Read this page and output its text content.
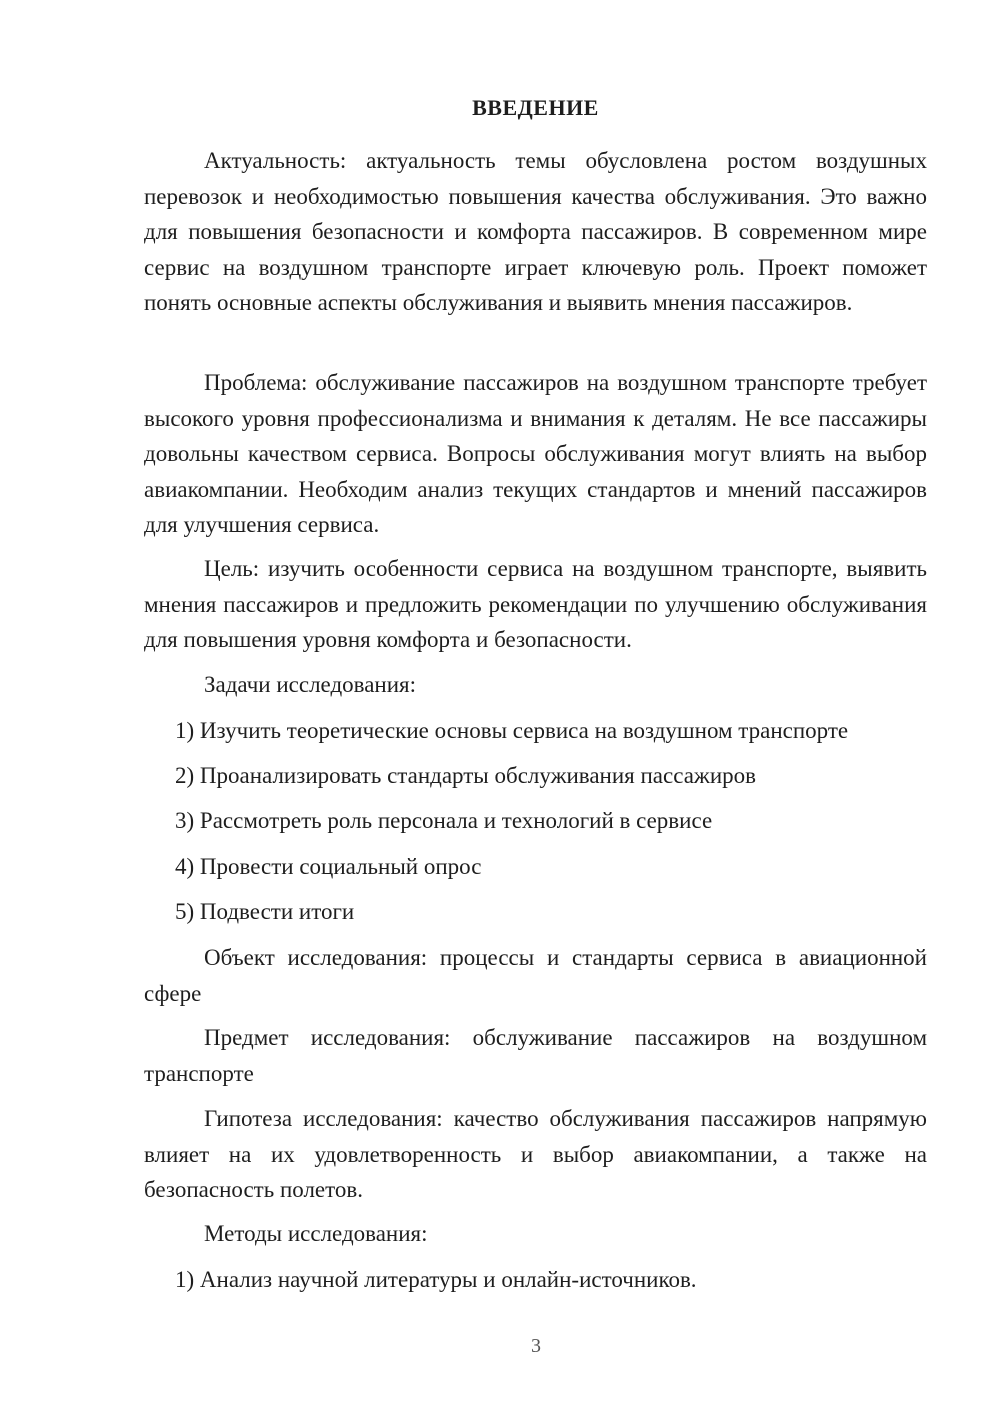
ВВЕДЕНИЕ

Актуальность: актуальность темы обусловлена ростом воздушных перевозок и необходимостью повышения качества обслуживания. Это важно для повышения безопасности и комфорта пассажиров. В современном мире сервис на воздушном транспорте играет ключевую роль. Проект поможет понять основные аспекты обслуживания и выявить мнения пассажиров.

Проблема: обслуживание пассажиров на воздушном транспорте требует высокого уровня профессионализма и внимания к деталям. Не все пассажиры довольны качеством сервиса. Вопросы обслуживания могут влиять на выбор авиакомпании. Необходим анализ текущих стандартов и мнений пассажиров для улучшения сервиса.

Цель: изучить особенности сервиса на воздушном транспорте, выявить мнения пассажиров и предложить рекомендации по улучшению обслуживания для повышения уровня комфорта и безопасности.

Задачи исследования:

1) Изучить теоретические основы сервиса на воздушном транспорте

2) Проанализировать стандарты обслуживания пассажиров

3) Рассмотреть роль персонала и технологий в сервисе

4) Провести социальный опрос

5) Подвести итоги

Объект исследования: процессы и стандарты сервиса в авиационной сфере

Предмет исследования: обслуживание пассажиров на воздушном транспорте

Гипотеза исследования: качество обслуживания пассажиров напрямую влияет на их удовлетворенность и выбор авиакомпании, а также на безопасность полетов.

Методы исследования:

1) Анализ научной литературы и онлайн-источников.

3
